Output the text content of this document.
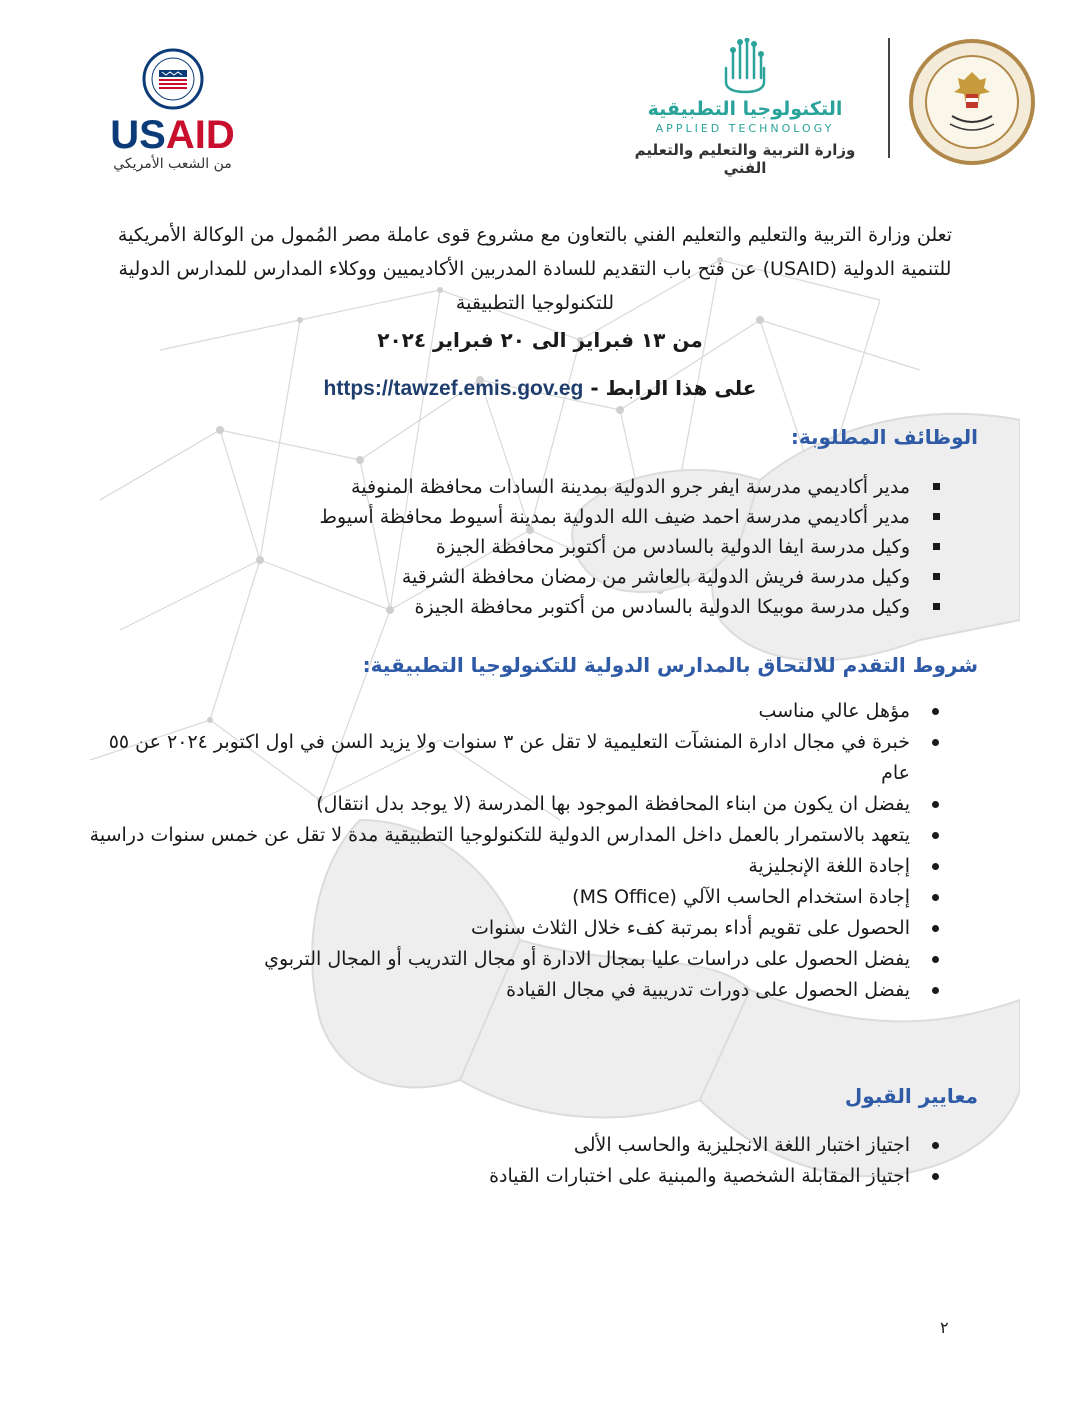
USAID
من الشعب الأمريكي
التكنولوجيا التطبيقية
APPLIED TECHNOLOGY
وزارة التربية والتعليم والتعليم الفني
تعلن وزارة التربية والتعليم والتعليم الفني بالتعاون مع مشروع قوى عاملة مصر المُمول من الوكالة الأمريكية للتنمية الدولية (USAID) عن فتح باب التقديم للسادة المدربين الأكاديميين ووكلاء المدارس للمدارس الدولية للتكنولوجيا التطبيقية
من ١٣ فبراير الى ٢٠ فبراير ٢٠٢٤
على هذا الرابط - https://tawzef.emis.gov.eg
الوظائف المطلوبة:
مدير أكاديمي مدرسة ايفر جرو الدولية بمدينة السادات محافظة المنوفية
مدير أكاديمي مدرسة احمد ضيف الله الدولية بمدينة أسيوط محافظة أسيوط
وكيل مدرسة ايفا الدولية بالسادس من أكتوبر محافظة الجيزة
وكيل مدرسة فريش الدولية بالعاشر من رمضان محافظة الشرقية
وكيل مدرسة موبيكا الدولية بالسادس من أكتوبر محافظة الجيزة
شروط التقدم للالتحاق بالمدارس الدولية للتكنولوجيا التطبيقية:
مؤهل عالي مناسب
خبرة في مجال ادارة المنشآت التعليمية لا تقل عن ٣ سنوات ولا يزيد السن في اول اكتوبر ٢٠٢٤ عن ٥٥ عام
يفضل ان يكون من ابناء المحافظة الموجود بها المدرسة (لا يوجد بدل انتقال)
يتعهد بالاستمرار بالعمل داخل المدارس الدولية للتكنولوجيا التطبيقية مدة لا تقل عن خمس سنوات دراسية
إجادة اللغة الإنجليزية
إجادة استخدام الحاسب الآلي (MS Office)
الحصول على تقويم أداء بمرتبة كفء خلال الثلاث سنوات
يفضل الحصول على دراسات عليا بمجال الادارة أو مجال التدريب أو المجال التربوي
يفضل الحصول على دورات تدريبية في مجال القيادة
معايير القبول
اجتياز اختبار اللغة الانجليزية والحاسب الألى
اجتياز المقابلة الشخصية والمبنية على اختبارات القيادة
٢
